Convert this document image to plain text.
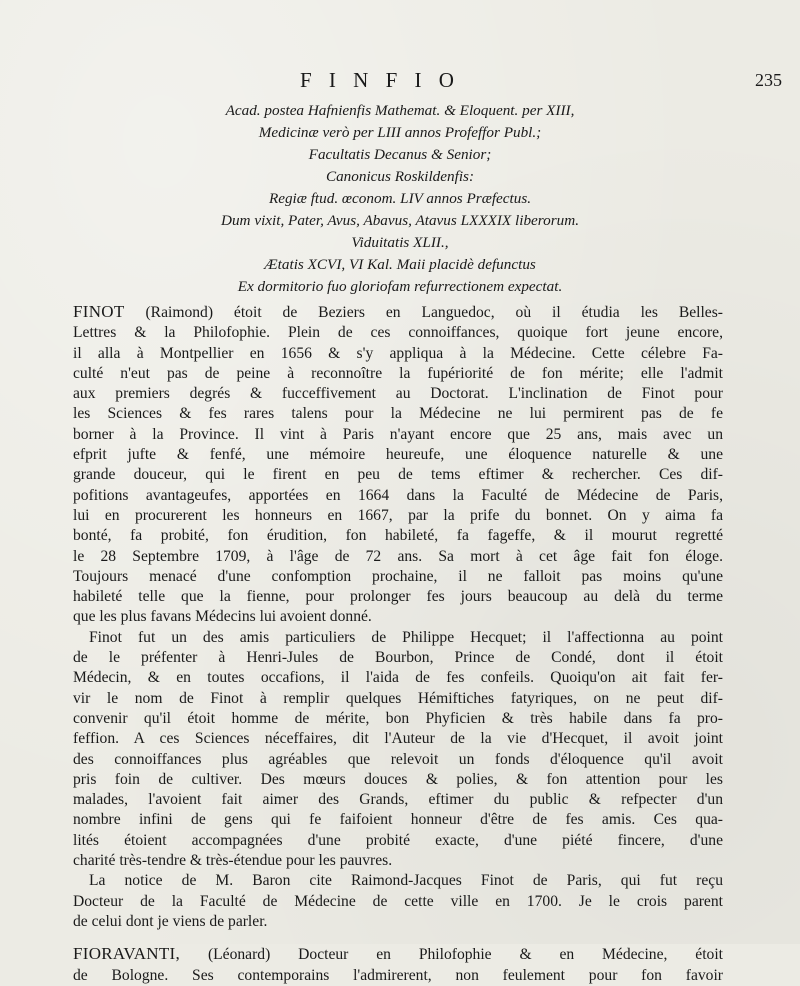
F I N F I O	235
Acad. postea Hafnienfis Mathemat. & Eloquent. per XIII,
Medicinæ verò per LIII annos Profeffor Publ.;
Facultatis Decanus & Senior;
Canonicus Roskildenfis:
Regiæ ftud. œconom. LIV annos Præfectus.
Dum vixit, Pater, Avus, Abavus, Atavus LXXXIX liberorum.
Viduitatis XLII.,
Ætatis XCVI, VI Kal. Maii placidè defunctus
Ex dormitorio fuo gloriofam refurrectionem expectat.
FINOT (Raimond) étoit de Beziers en Languedoc, où il étudia les Belles-
Lettres & la Philofophie. Plein de ces connoiffances, quoique fort jeune encore,
il alla à Montpellier en 1656 & s'y appliqua à la Médecine. Cette célebre Fa-
culté n'eut pas de peine à reconnoître la fupériorité de fon mérite; elle l'admit
aux premiers degrés & fucceffivement au Doctorat. L'inclination de Finot pour
les Sciences & fes rares talens pour la Médecine ne lui permirent pas de fe
borner à la Province. Il vint à Paris n'ayant encore que 25 ans, mais avec un
efprit jufte & fenfé, une mémoire heureufe, une éloquence naturelle & une
grande douceur, qui le firent en peu de tems eftimer & rechercher. Ces dif-
pofitions avantageufes, apportées en 1664 dans la Faculté de Médecine de Paris,
lui en procurerent les honneurs en 1667, par la prife du bonnet. On y aima fa
bonté, fa probité, fon érudition, fon habileté, fa fageffe, & il mourut regretté
le 28 Septembre 1709, à l'âge de 72 ans. Sa mort à cet âge fait fon éloge.
Toujours menacé d'une confomption prochaine, il ne falloit pas moins qu'une
habileté telle que la fienne, pour prolonger fes jours beaucoup au delà du terme
que les plus favans Médecins lui avoient donné.
Finot fut un des amis particuliers de Philippe Hecquet; il l'affectionna au point
de le préfenter à Henri-Jules de Bourbon, Prince de Condé, dont il étoit
Médecin, & en toutes occafions, il l'aida de fes confeils. Quoiqu'on ait fait fer-
vir le nom de Finot à remplir quelques Hémiftiches fatyriques, on ne peut dif-
convenir qu'il étoit homme de mérite, bon Phyficien & très habile dans fa pro-
feffion. A ces Sciences néceffaires, dit l'Auteur de la vie d'Hecquet, il avoit joint
des connoiffances plus agréables que relevoit un fonds d'éloquence qu'il avoit
pris foin de cultiver. Des mœurs douces & polies, & fon attention pour les
malades, l'avoient fait aimer des Grands, eftimer du public & refpecter d'un
nombre infini de gens qui fe faifoient honneur d'être de fes amis. Ces qua-
lités étoient accompagnées d'une probité exacte, d'une piété fincere, d'une
charité très-tendre & très-étendue pour les pauvres.
La notice de M. Baron cite Raimond-Jacques Finot de Paris, qui fut reçu
Docteur de la Faculté de Médecine de cette ville en 1700. Je le crois parent
de celui dont je viens de parler.
FIORAVANTI, (Léonard) Docteur en Philofophie & en Médecine, étoit
de Bologne. Ses contemporains l'admirerent, non feulement pour fon favoir
